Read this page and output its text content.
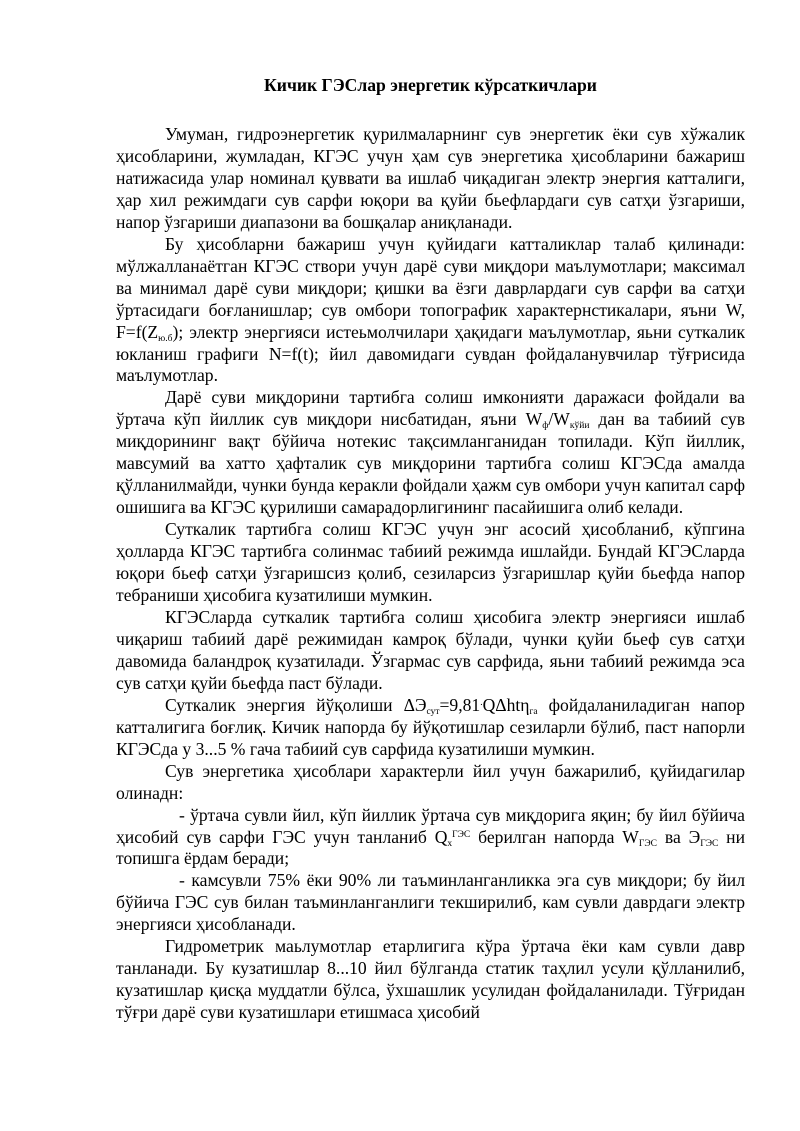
Кичик ГЭСлар энергетик кўрсаткичлари

Умуман, гидроэнергетик қурилмаларнинг сув энергетик ёки сув хўжалик ҳисобларини, жумладан, КГЭС учун ҳам сув энергетика ҳисобларини бажариш натижасида улар номинал қуввати ва ишлаб чиқадиган электр энергия катталиги, ҳар хил режимдаги сув сарфи юқори ва қуйи бьефлардаги сув сатҳи ўзгариши, напор ўзгариши диапазони ва бошқалар аниқланади.

Бу ҳисобларни бажариш учун қуйидаги катталиклар талаб қилинади: мўлжалланаётган КГЭС створи учун дарё суви миқдори маълумотлари; максимал ва минимал дарё суви миқдори; қишки ва ёзги даврлардаги сув сарфи ва сатҳи ўртасидаги боғланишлар; сув омбори топографик характернстикалари, яъни W, $F=f(Z_{ю.б})$; электр энергияси истеьмолчилари ҳақидаги маълумотлар, яьни суткалик юкланиш графиги N=f(t); йил давомидаги сувдан фойдаланувчилар тўғрисида маълумотлар.

Дарё суви миқдорини тартибга солиш имконияти даражаси фойдали ва ўртача кўп йиллик сув миқдори нисбатидан, яъни $W_ф/W_{кўйи}$ дан ва табиий сув миқдорининг вақт бўйича нотекис тақсимланганидан топилади. Кўп йиллик, мавсумий ва хатто ҳафталик сув миқдорини тартибга солиш КГЭСда амалда қўлланилмайди, чунки бунда керакли фойдали ҳажм сув омбори учун капитал сарф ошишига ва КГЭС қурилиши самарадорлигининг пасайишига олиб келади.

Суткалик тартибга солиш КГЭС учун энг асосий ҳисобланиб, кўпгина ҳолларда КГЭС тартибга солинмас табиий режимда ишлайди. Бундай КГЭСларда юқори бьеф сатҳи ўзгаришсиз қолиб, сезиларсиз ўзгаришлар қуйи бьефда напор тебраниши ҳисобига кузатилиши мумкин.

КГЭСларда суткалик тартибга солиш ҳисобига электр энергияси ишлаб чиқариш табиий дарё режимидан камроқ бўлади, чунки қуйи бьеф сув сатҳи давомида баландроқ кузатилади. Ўзгармас сув сарфида, яьни табиий режимда эса сув сатҳи қуйи бьефда паст бўлади.

Суткалик энергия йўқолиши $\Delta Э_{сут}=9,81^.Q\Delta ht\eta_{га}$ фойдаланиладиган напор катталигига боғлиқ. Кичик напорда бу йўқотишлар сезиларли бўлиб, паст напорли КГЭСда у 3...5 % гача табиий сув сарфида кузатилиши мумкин.

Сув энергетика ҳисоблари характерли йил учун бажарилиб, қуйидагилар олинадн:

- ўртача сувли йил, кўп йиллик ўртача сув миқдорига яқин; бу йил бўйича ҳисобий сув сарфи ГЭС учун танланиб $Q_х^{ГЭС}$ берилган напорда $W_{ГЭС}$ ва $Э_{ГЭС}$ ни топишга ёрдам беради;

- камсувли 75% ёки 90% ли таъминланганликка эга сув миқдори; бу йил бўйича ГЭС сув билан таъминланганлиги текширилиб, кам сувли даврдаги электр энергияси ҳисобланади.

Гидрометрик маьлумотлар етарлигига кўра ўртача ёки кам сувли давр танланади. Бу кузатишлар 8...10 йил бўлганда статик таҳлил усули қўлланилиб, кузатишлар қисқа муддатли бўлса, ўхшашлик усулидан фойдаланилади. Тўғридан тўғри дарё суви кузатишлари етишмаса ҳисобий
